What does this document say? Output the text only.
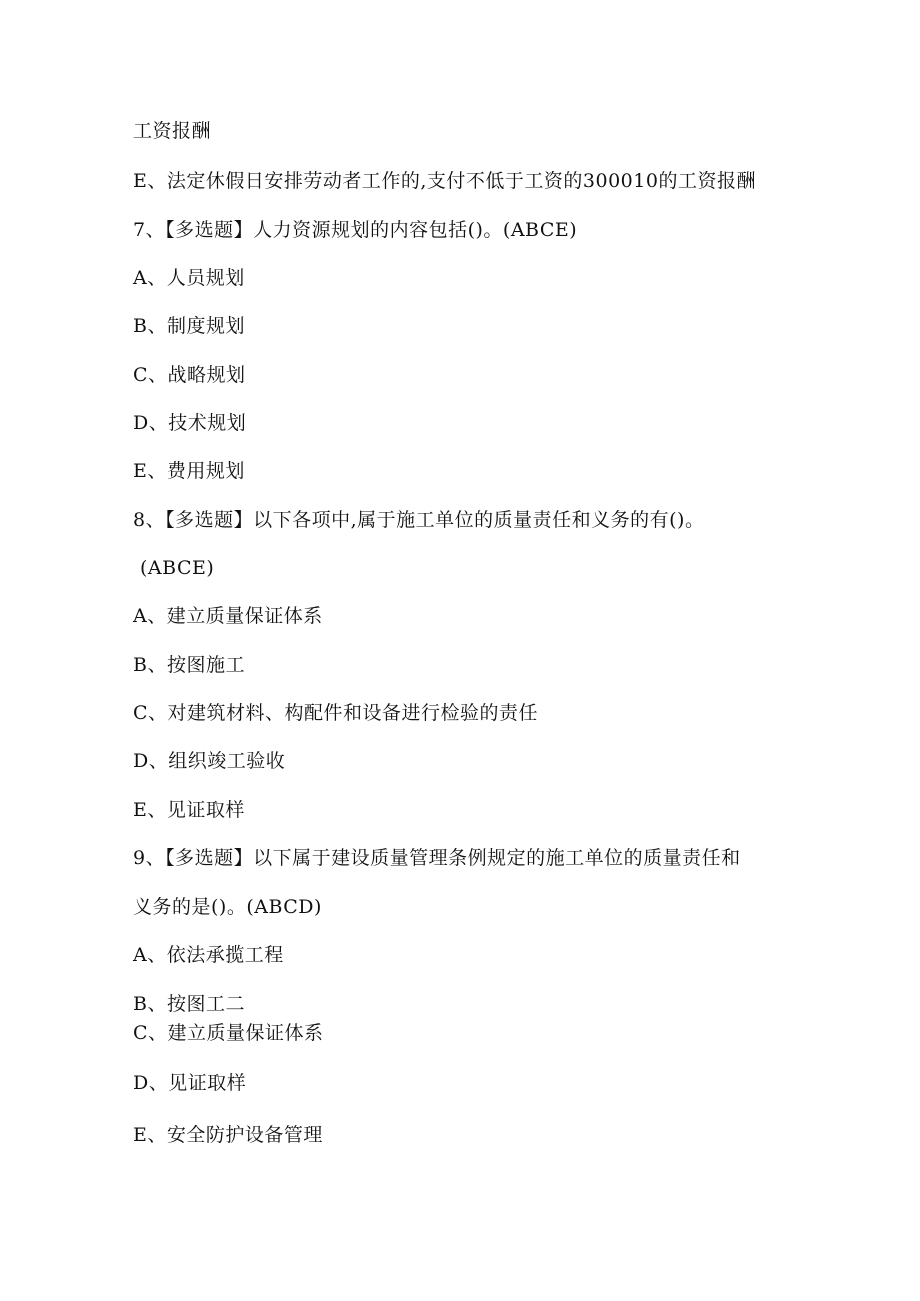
工资报酬
E、法定休假日安排劳动者工作的,支付不低于工资的300010的工资报酬
7、【多选题】人力资源规划的内容包括()。(ABCE)
A、人员规划
B、制度规划
C、战略规划
D、技术规划
E、费用规划
8、【多选题】以下各项中,属于施工单位的质量责任和义务的有()。
(ABCE)
A、建立质量保证体系
B、按图施工
C、对建筑材料、构配件和设备进行检验的责任
D、组织竣工验收
E、见证取样
9、【多选题】以下属于建设质量管理条例规定的施工单位的质量责任和
义务的是()。(ABCD)
A、依法承揽工程
B、按图工二
C、建立质量保证体系
D、见证取样
E、安全防护设备管理
